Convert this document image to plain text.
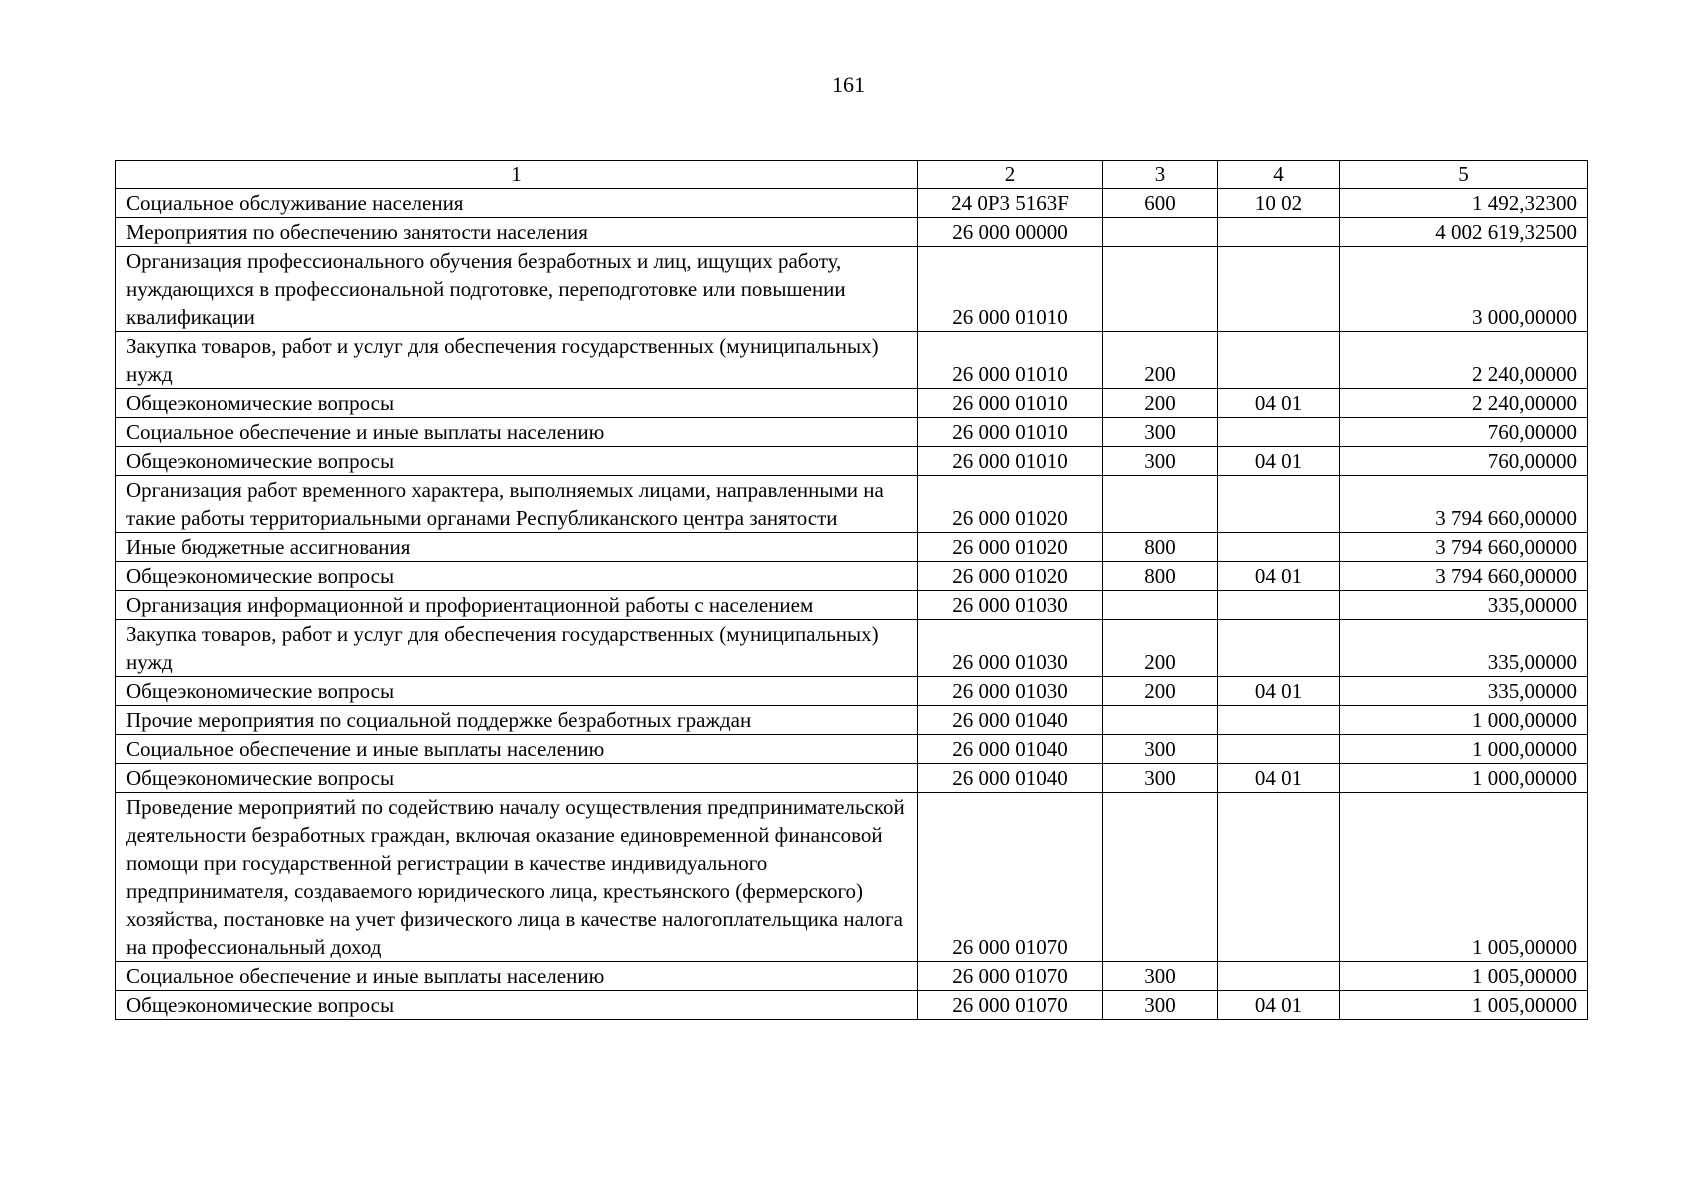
161
1	2	3	4	5
Социальное обслуживание населения	24 0Р3 5163F	600	10 02	1 492,32300
Мероприятия по обеспечению занятости населения	26 000 00000			4 002 619,32500
Организация профессионального обучения безработных и лиц, ищущих работу, нуждающихся в профессиональной подготовке, переподготовке или повышении квалификации	26 000 01010			3 000,00000
Закупка товаров, работ и услуг для обеспечения государственных (муниципальных) нужд	26 000 01010	200		2 240,00000
Общеэкономические вопросы	26 000 01010	200	04 01	2 240,00000
Социальное обеспечение и иные выплаты населению	26 000 01010	300		760,00000
Общеэкономические вопросы	26 000 01010	300	04 01	760,00000
Организация работ временного характера, выполняемых лицами, направленными на такие работы территориальными органами Республиканского центра занятости	26 000 01020			3 794 660,00000
Иные бюджетные ассигнования	26 000 01020	800		3 794 660,00000
Общеэкономические вопросы	26 000 01020	800	04 01	3 794 660,00000
Организация информационной и профориентационной работы с населением	26 000 01030			335,00000
Закупка товаров, работ и услуг для обеспечения государственных (муниципальных) нужд	26 000 01030	200		335,00000
Общеэкономические вопросы	26 000 01030	200	04 01	335,00000
Прочие мероприятия по социальной поддержке безработных граждан	26 000 01040			1 000,00000
Социальное обеспечение и иные выплаты населению	26 000 01040	300		1 000,00000
Общеэкономические вопросы	26 000 01040	300	04 01	1 000,00000
Проведение мероприятий по содействию началу осуществления предпринимательской деятельности безработных граждан, включая оказание единовременной финансовой помощи при государственной регистрации в качестве индивидуального предпринимателя, создаваемого юридического лица, крестьянского (фермерского) хозяйства, постановке на учет физического лица в качестве налогоплательщика налога на профессиональный доход	26 000 01070			1 005,00000
Социальное обеспечение и иные выплаты населению	26 000 01070	300		1 005,00000
Общеэкономические вопросы	26 000 01070	300	04 01	1 005,00000
